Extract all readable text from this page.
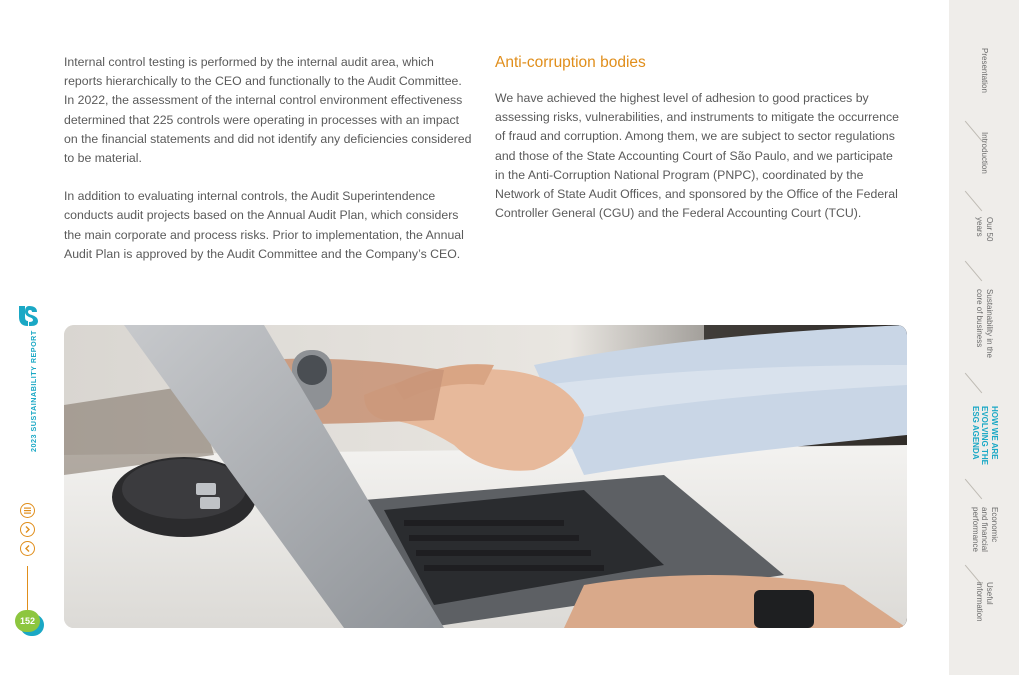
Internal control testing is performed by the internal audit area, which reports hierarchically to the CEO and functionally to the Audit Committee. In 2022, the assessment of the internal control environment effectiveness determined that 225 controls were operating in processes with an impact on the financial statements and did not identify any deficiencies considered to be material.

In addition to evaluating internal controls, the Audit Superintendence conducts audit projects based on the Annual Audit Plan, which considers the main corporate and process risks. Prior to implementation, the Annual Audit Plan is approved by the Audit Committee and the Company’s CEO.

Anti-corruption bodies

We have achieved the highest level of adhesion to good practices by assessing risks, vulnerabilities, and instruments to mitigate the occurrence of fraud and corruption. Among them, we are subject to sector regulations and those of the State Accounting Court of São Paulo, and we participate in the Anti-Corruption National Program (PNPC), coordinated by the Network of State Audit Offices, and sponsored by the Office of the Federal Controller General (CGU) and the Federal Accounting Court (TCU).

2023 SUSTAINABILITY REPORT
152
Presentation
Introduction
Our 50
years
Sustainability in the
core of business
HOW WE ARE
EVOLVING THE
ESG AGENDA
Economic
and financial
performance
Useful
information
